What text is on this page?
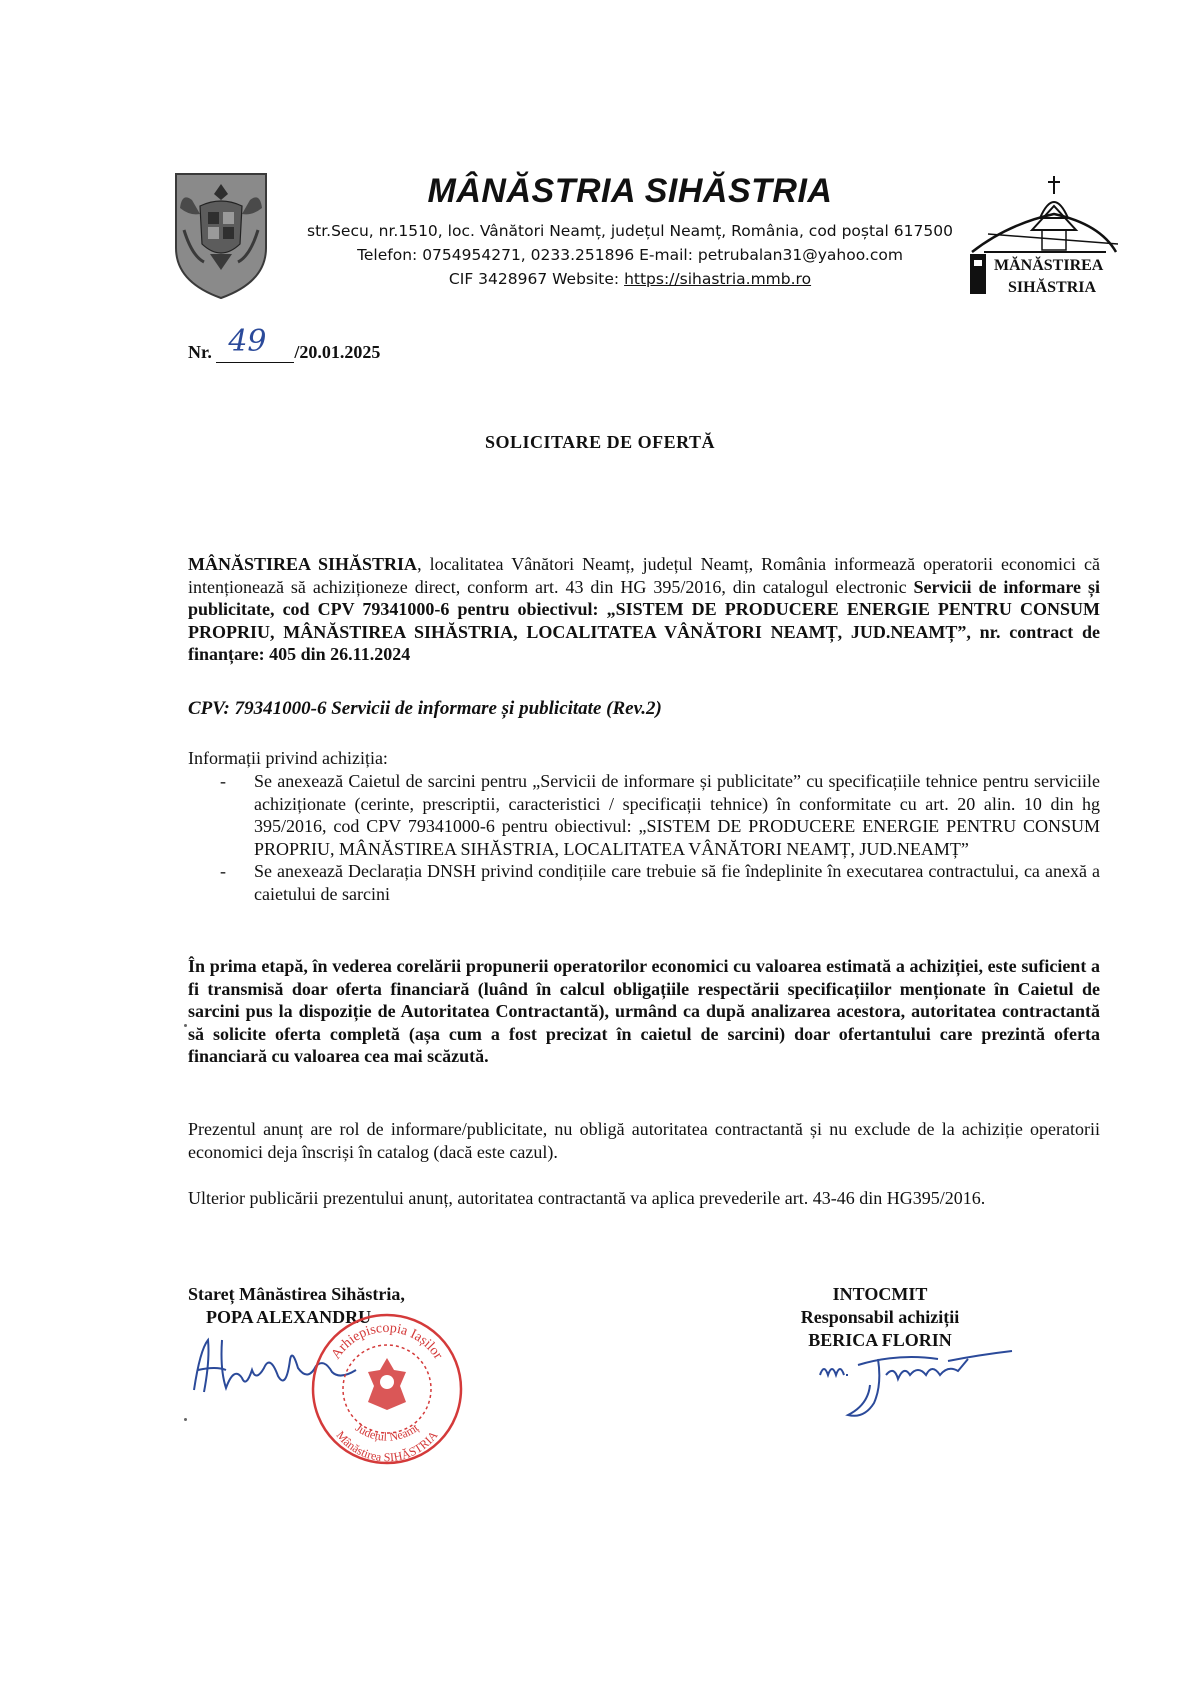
MÂNĂSTRIA SIHĂSTRIA
str.Secu, nr.1510, loc. Vânători Neamț, județul Neamț, România, cod poștal 617500
Telefon: 0754954271, 0233.251896 E-mail: petrubalan31@yahoo.com
CIF 3428967 Website: https://sihastria.mmb.ro
MĂNĂSTIREA
SIHĂSTRIA
Nr. 49 /20.01.2025
SOLICITARE DE OFERTĂ
MÂNĂSTIREA SIHĂSTRIA, localitatea Vânători Neamț, județul Neamț, România informează operatorii economici că intenționează să achiziționeze direct, conform art. 43 din HG 395/2016, din catalogul electronic Servicii de informare și publicitate, cod CPV 79341000-6 pentru obiectivul: „SISTEM DE PRODUCERE ENERGIE PENTRU CONSUM PROPRIU, MÂNĂSTIREA SIHĂSTRIA, LOCALITATEA VÂNĂTORI NEAMȚ, JUD.NEAMȚ”, nr. contract de finanțare: 405 din 26.11.2024
CPV: 79341000-6 Servicii de informare și publicitate (Rev.2)
Informații privind achiziția:
- Se anexează Caietul de sarcini pentru „Servicii de informare și publicitate” cu specificațiile tehnice pentru serviciile achiziționate (cerinte, prescriptii, caracteristici / specificații tehnice) în conformitate cu art. 20 alin. 10 din hg 395/2016, cod CPV 79341000-6 pentru obiectivul: „SISTEM DE PRODUCERE ENERGIE PENTRU CONSUM PROPRIU, MÂNĂSTIREA SIHĂSTRIA, LOCALITATEA VÂNĂTORI NEAMȚ, JUD.NEAMȚ”
- Se anexează Declarația DNSH privind condițiile care trebuie să fie îndeplinite în executarea contractului, ca anexă a caietului de sarcini
În prima etapă, în vederea corelării propunerii operatorilor economici cu valoarea estimată a achiziției, este suficient a fi transmisă doar oferta financiară (luând în calcul obligațiile respectării specificațiilor menționate în Caietul de sarcini pus la dispoziție de Autoritatea Contractantă), urmând ca după analizarea acestora, autoritatea contractantă să solicite oferta completă (așa cum a fost precizat în caietul de sarcini) doar ofertantului care prezintă oferta financiară cu valoarea cea mai scăzută.
Prezentul anunț are rol de informare/publicitate, nu obligă autoritatea contractantă și nu exclude de la achiziție operatorii economici deja înscriși în catalog (dacă este cazul).
Ulterior publicării prezentului anunț, autoritatea contractantă va aplica prevederile art. 43-46 din HG395/2016.
Stareț Mânăstirea Sihăstria,
POPA ALEXANDRU
INTOCMIT
Responsabil achiziții
BERICA FLORIN
Arhiepiscopia Iașilor
Județul Neamț
Mânăstirea SIHĂSTRIA
